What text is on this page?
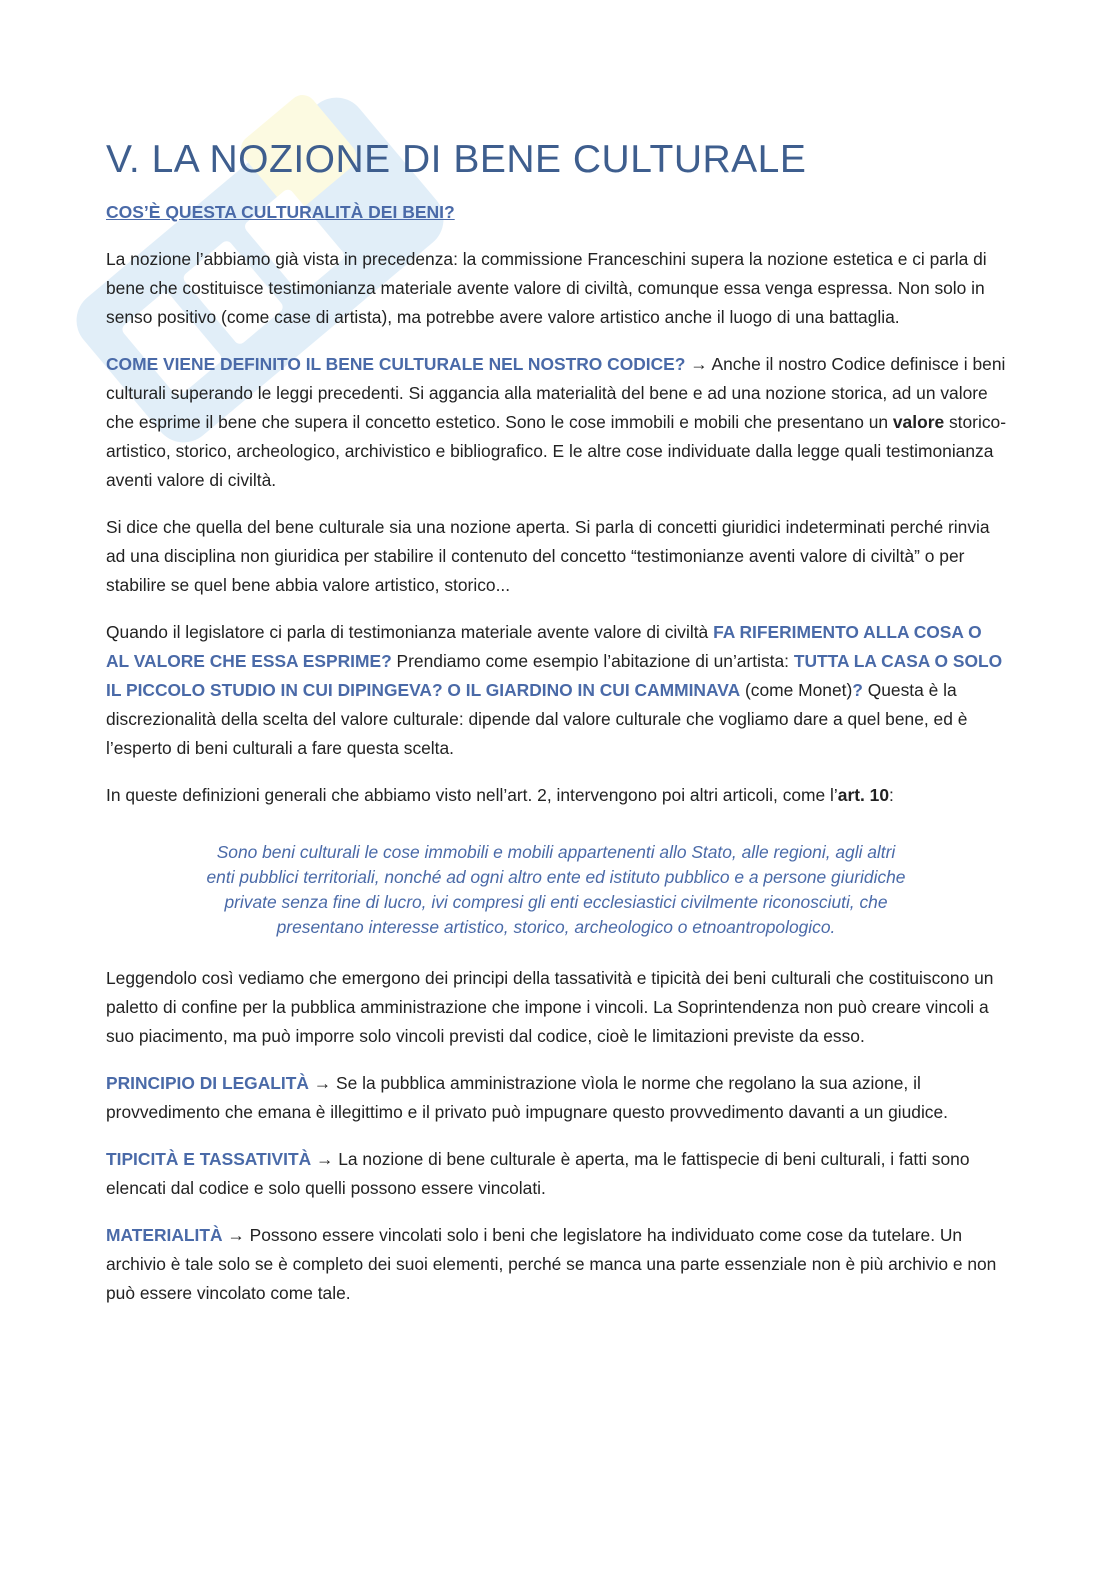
V. LA NOZIONE DI BENE CULTURALE
COS’È QUESTA CULTURALITÀ DEI BENI?

La nozione l’abbiamo già vista in precedenza: la commissione Franceschini supera la nozione estetica e ci parla di bene che costituisce testimonianza materiale avente valore di civiltà, comunque essa venga espressa. Non solo in senso positivo (come case di artista), ma potrebbe avere valore artistico anche il luogo di una battaglia.

COME VIENE DEFINITO IL BENE CULTURALE NEL NOSTRO CODICE? → Anche il nostro Codice definisce i beni culturali superando le leggi precedenti. Si aggancia alla materialità del bene e ad una nozione storica, ad un valore che esprime il bene che supera il concetto estetico. Sono le cose immobili e mobili che presentano un valore storico-artistico, storico, archeologico, archivistico e bibliografico. E le altre cose individuate dalla legge quali testimonianza aventi valore di civiltà.

Si dice che quella del bene culturale sia una nozione aperta. Si parla di concetti giuridici indeterminati perché rinvia ad una disciplina non giuridica per stabilire il contenuto del concetto “testimonianze aventi valore di civiltà” o per stabilire se quel bene abbia valore artistico, storico...

Quando il legislatore ci parla di testimonianza materiale avente valore di civiltà FA RIFERIMENTO ALLA COSA O AL VALORE CHE ESSA ESPRIME? Prendiamo come esempio l’abitazione di un’artista: TUTTA LA CASA O SOLO IL PICCOLO STUDIO IN CUI DIPINGEVA? O IL GIARDINO IN CUI CAMMINAVA (come Monet)? Questa è la discrezionalità della scelta del valore culturale: dipende dal valore culturale che vogliamo dare a quel bene, ed è l’esperto di beni culturali a fare questa scelta.

In queste definizioni generali che abbiamo visto nell’art. 2, intervengono poi altri articoli, come l’art. 10:

Sono beni culturali le cose immobili e mobili appartenenti allo Stato, alle regioni, agli altri enti pubblici territoriali, nonché ad ogni altro ente ed istituto pubblico e a persone giuridiche private senza fine di lucro, ivi compresi gli enti ecclesiastici civilmente riconosciuti, che presentano interesse artistico, storico, archeologico o etnoantropologico.

Leggendolo così vediamo che emergono dei principi della tassatività e tipicità dei beni culturali che costituiscono un paletto di confine per la pubblica amministrazione che impone i vincoli. La Soprintendenza non può creare vincoli a suo piacimento, ma può imporre solo vincoli previsti dal codice, cioè le limitazioni previste da esso.

PRINCIPIO DI LEGALITÀ → Se la pubblica amministrazione vìola le norme che regolano la sua azione, il provvedimento che emana è illegittimo e il privato può impugnare questo provvedimento davanti a un giudice.

TIPICITÀ E TASSATIVITÀ → La nozione di bene culturale è aperta, ma le fattispecie di beni culturali, i fatti sono elencati dal codice e solo quelli possono essere vincolati.

MATERIALITÀ → Possono essere vincolati solo i beni che legislatore ha individuato come cose da tutelare. Un archivio è tale solo se è completo dei suoi elementi, perché se manca una parte essenziale non è più archivio e non può essere vincolato come tale.
